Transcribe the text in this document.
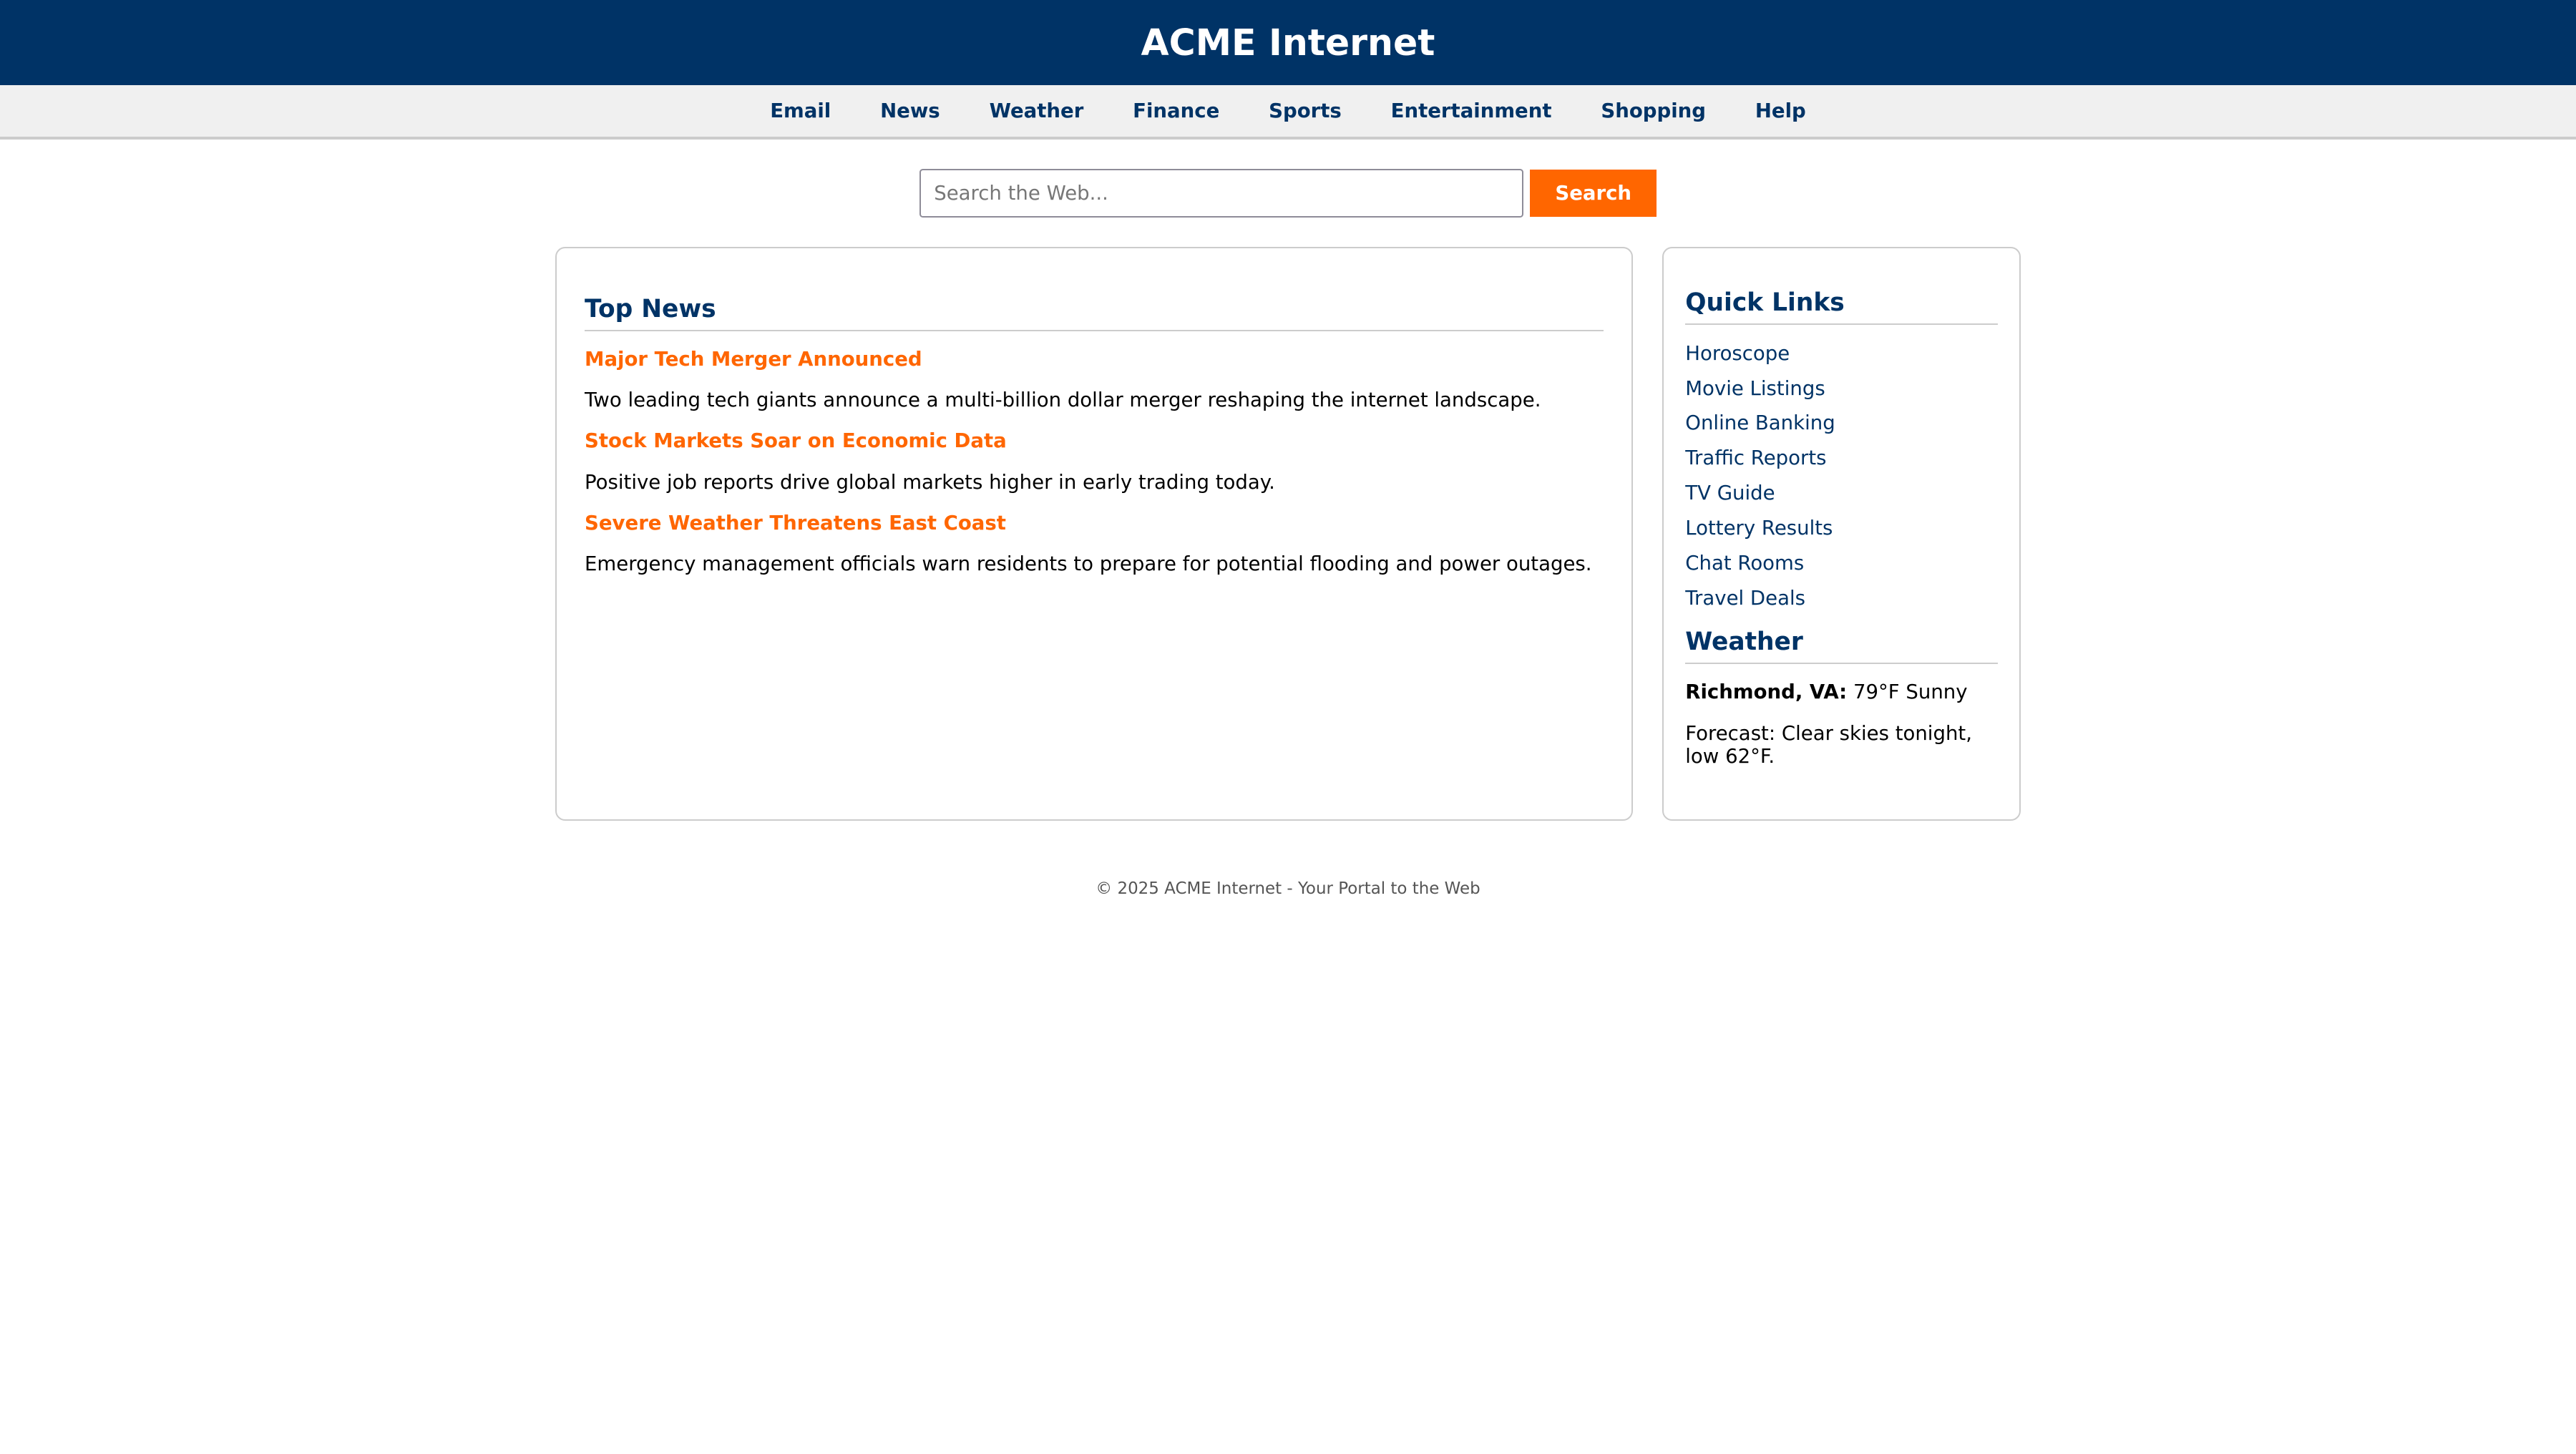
ACME Internet
Email	News	Weather	Finance	Sports	Entertainment	Shopping	Help
Search the Web...
Search
Top News
Major Tech Merger Announced

Two leading tech giants announce a multi-billion dollar merger reshaping the internet landscape.

Stock Markets Soar on Economic Data

Positive job reports drive global markets higher in early trading today.

Severe Weather Threatens East Coast

Emergency management officials warn residents to prepare for potential flooding and power outages.

Quick Links
Horoscope
Movie Listings
Online Banking
Traffic Reports
TV Guide
Lottery Results
Chat Rooms
Travel Deals
Weather

Richmond, VA: 79°F Sunny

Forecast: Clear skies tonight, low 62°F.

© 2025 ACME Internet - Your Portal to the Web
